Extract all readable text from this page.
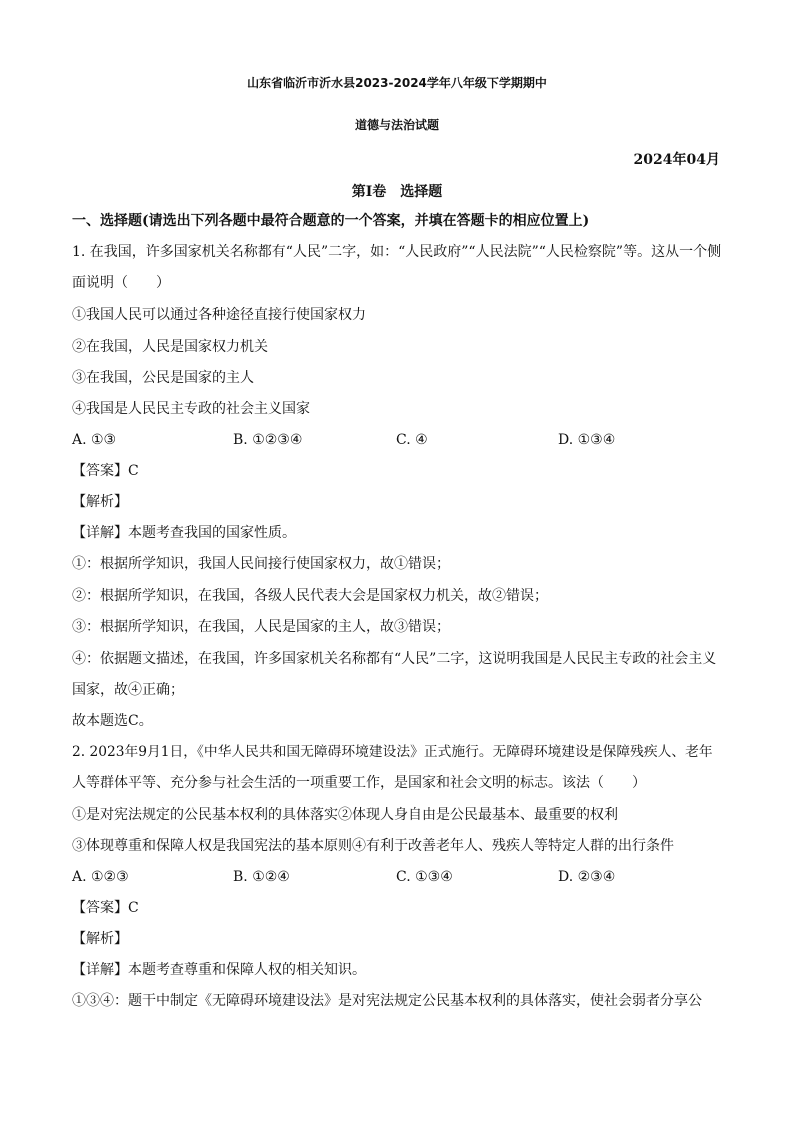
山东省临沂市沂水县2023-2024学年八年级下学期期中
道德与法治试题
2024年04月
第Ⅰ卷　选择题
一、选择题(请选出下列各题中最符合题意的一个答案，并填在答题卡的相应位置上)
1. 在我国，许多国家机关名称都有“人民”二字，如：“人民政府”“人民法院”“人民检察院”等。这从一个侧
面说明（　　）
①我国人民可以通过各种途径直接行使国家权力
②在我国，人民是国家权力机关
③在我国，公民是国家的主人
④我国是人民民主专政的社会主义国家
A. ①③	B. ①②③④	C. ④	D. ①③④
【答案】C
【解析】
【详解】本题考查我国的国家性质。
①：根据所学知识，我国人民间接行使国家权力，故①错误；
②：根据所学知识，在我国，各级人民代表大会是国家权力机关，故②错误；
③：根据所学知识，在我国，人民是国家的主人，故③错误；
④：依据题文描述，在我国，许多国家机关名称都有“人民”二字，这说明我国是人民民主专政的社会主义
国家，故④正确；
故本题选C。
2. 2023年9月1日，《中华人民共和国无障碍环境建设法》正式施行。无障碍环境建设是保障残疾人、老年
人等群体平等、充分参与社会生活的一项重要工作，是国家和社会文明的标志。该法（　　）
①是对宪法规定的公民基本权利的具体落实②体现人身自由是公民最基本、最重要的权利
③体现尊重和保障人权是我国宪法的基本原则④有利于改善老年人、残疾人等特定人群的出行条件
A. ①②③	B. ①②④	C. ①③④	D. ②③④
【答案】C
【解析】
【详解】本题考查尊重和保障人权的相关知识。
①③④：题干中制定《无障碍环境建设法》是对宪法规定公民基本权利的具体落实，使社会弱者分享公
